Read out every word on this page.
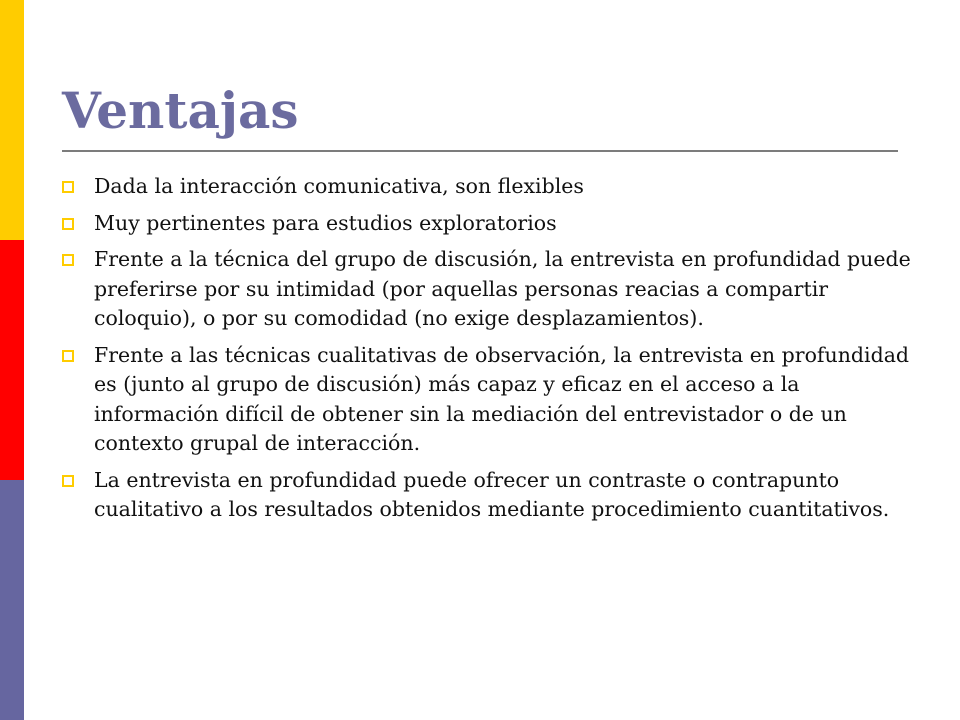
Ventajas
Dada la interacción comunicativa, son flexibles
Muy pertinentes para estudios exploratorios
Frente a la técnica del grupo de discusión, la entrevista en profundidad puede preferirse por su intimidad (por aquellas personas reacias a compartir coloquio), o por su comodidad (no exige desplazamientos).
Frente a las técnicas cualitativas de observación, la entrevista en profundidad es (junto al grupo de discusión) más capaz y eficaz en el acceso a la información difícil de obtener sin la mediación del entrevistador o de un contexto grupal de interacción.
La entrevista en profundidad puede ofrecer un contraste o contrapunto cualitativo a los resultados obtenidos mediante procedimiento cuantitativos.
